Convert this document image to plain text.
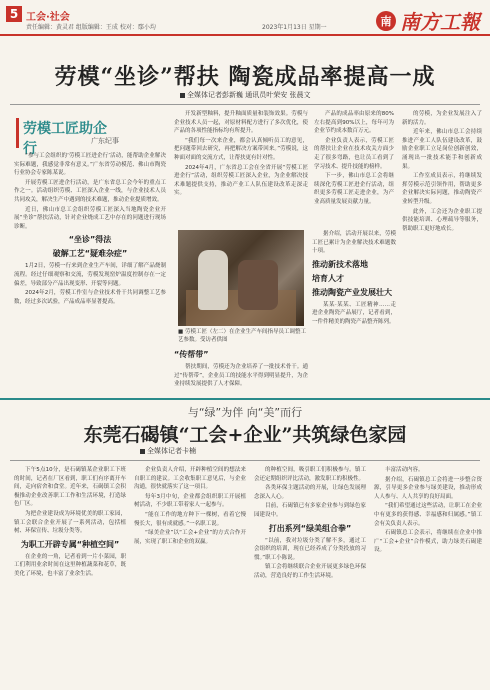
5 工会·社会
责任编辑：黄灵君 组版编辑：王成 校对：鄢小均	2023年1月13日 星期一	南 南方工報
劳模“坐诊”帮扶 陶瓷成品率提高一成
全媒体记者彭新巍 通讯员叶荣安 张晨文
劳模工匠助企行	广东纪事

“参与工会组织的‘劳模工匠进企行’活动，能帮助企业解决实际难题，我感觉非常有意义。”广东省劳动模范、佛山市陶瓷行业协会专家陈某说。

开展劳模工匠进企行活动，是广东省总工会今年的重点工作之一。活动组织劳模、工匠深入企业一线，与企业技术人员共同攻关，解决生产中遇到的技术难题，推动企业提质增效。

近日，佛山市总工会组织劳模工匠深入当地陶瓷企业开展“坐诊”帮扶活动，针对企业烧成工艺中存在的问题进行现场诊断。

“坐诊”得法
破解工艺“疑难杂症”

1月2日，劳模一行来到企业生产车间，详细了解产品烧制流程。经过仔细观察和交流，劳模发现窑炉温度控制存在一定偏差，导致部分产品出现变形、开裂等问题。

2024年2月，劳模工作室与企业技术骨干共同调整工艺参数，经过多次试验，产品成品率显著提高。

开发新型釉料，提升釉面质量和装饰效果。劳模与企业技术人员一起，对原材料配方进行了多次优化，使产品的各项性能指标均有所提升。

“我们每一次来企业，都会认真倾听员工的意见，把问题带回去研究，再把解决方案带回来。”劳模说，这种面对面的交流方式，让帮扶更有针对性。

2024年4月，广东省总工会在全省开展“劳模工匠进企行”活动，组织劳模工匠深入企业，为企业解决技术难题提供支持，推动产业工人队伍建设改革走深走实。

■ 劳模工匠（左二）在企业生产车间指导员工调整工艺参数。受访者供图
“传帮带”

帮扶期间，劳模还为企业培养了一批技术骨干。通过“传帮带”，企业员工的技能水平得到明显提升，为企业持续发展提供了人才保障。

产品的成品率由原来的80%左右提高到90%以上，每年可为企业节约成本数百万元。

企业负责人表示，劳模工匠的帮扶让企业在技术攻关方面少走了很多弯路，也让员工看到了学习技术、提升技能的榜样。

下一步，佛山市总工会将继续深化劳模工匠进企行活动，组织更多劳模工匠走进企业，为产业高质量发展贡献力量。

据介绍，活动开展以来，劳模工匠已累计为企业解决技术难题数十项。

推动新技术落地
培育人才
推动陶瓷产业发展壮大

某某·某某、工匠精神……走进企业陶瓷产品展厅，记者看到，一件件精美的陶瓷产品整齐陈列。

的劳模，为企业发展注入了新的活力。

近年来，佛山市总工会持续推进产业工人队伍建设改革，鼓励企业职工立足岗位创新创效，涌现出一批技术能手和创新成果。

工作室成员表示，将继续发挥劳模示范引领作用，帮助更多企业解决实际问题，推动陶瓷产业转型升级。

此外，工会还为企业职工提供技能培训、心理疏导等服务，帮助职工更好地成长。

与“绿”为伴 向“美”而行
东莞石碣镇“工会+企业”共筑绿色家园
全媒体记者卡楠

下午5点10分，是石碣镇某企业职工下班的时间，记者在厂区看到，职工们有序离开车间，走向宿舍和食堂。近年来，石碣镇工会积极推动企业改善职工工作和生活环境，打造绿色厂区。

为把企业建设成为环境优美的职工家园，镇工会联合企业开展了一系列活动，包括植树、环保宣传、垃圾分类等。

为职工开辟专属“种植空间”

在企业的一角，记者看到一片小菜园，职工们利用业余时间在这里种植蔬菜和花草，既美化了环境，也丰富了业余生活。

企业负责人介绍，开辟种植空间的想法来自职工的建议。工会收集职工意见后，与企业沟通，很快就落实了这一项目。

每年3月中旬，企业都会组织职工开展植树活动，不少职工带着家人一起参与。

“能在工作的地方种下一棵树，看着它慢慢长大，很有成就感。”一名职工说。

“绿美企业”以“工会+企业”的方式合作开展，实现了职工和企业的双赢。

的种植空间，吸引职工们积极参与。镇工会还定期组织评比活动，激发职工的积极性。

各类环保主题活动的开展，让绿色发展理念深入人心。

目前，石碣镇已有多家企业参与到绿色家园建设中。

打出系列“绿美组合拳”

“以前，我对垃圾分类了解不多，通过工会组织的培训，现在已经养成了分类投放的习惯。”职工小陈说。

镇工会将继续联合企业开展更多绿色环保活动，营造良好的工作生活环境。

丰富活动内容。

据介绍，石碣镇总工会将进一步整合资源，引导更多企业参与绿美建设，推动形成人人参与、人人共享的良好局面。

“我们希望通过这些活动，让职工在企业中有更多的获得感、幸福感和归属感。”镇工会有关负责人表示。

石碣镇总工会表示，将继续在企业中推广“工会+企业”合作模式，助力绿美石碣建设。
